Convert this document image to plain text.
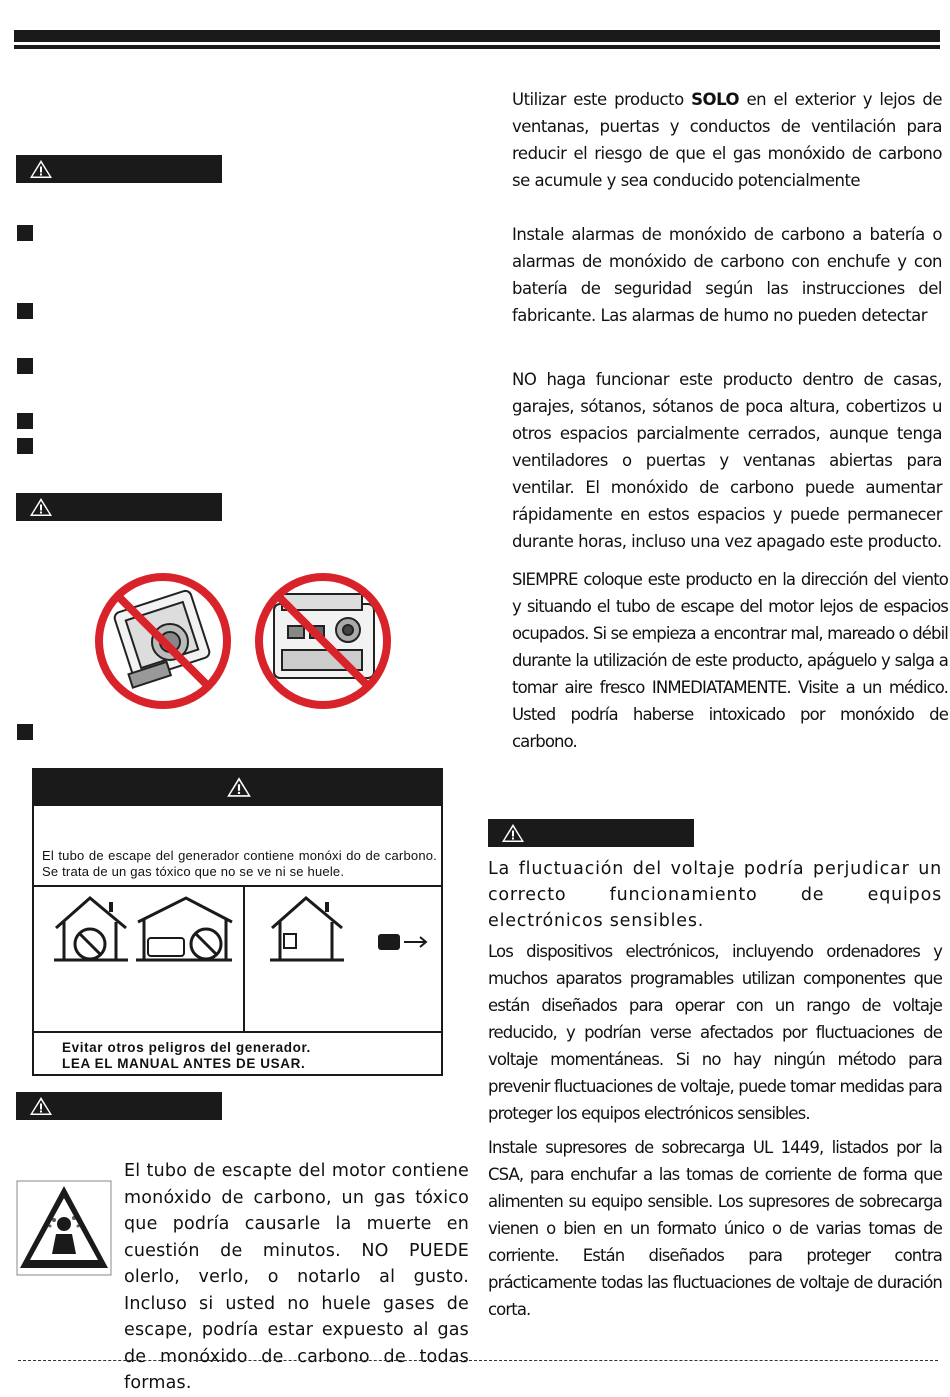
El tubo de escape del generador contiene monóxi do de carbono. Se trata de un gas tóxico que no se ve ni se huele.
Evitar otros peligros del generador.
LEA EL MANUAL ANTES DE USAR.
El tubo de escapte del motor contiene monóxido de carbono, un gas tóxico que podría causarle la muerte en cuestión de minutos. NO PUEDE olerlo, verlo, o notarlo al gusto. Incluso si usted no huele gases de escape, podría estar expuesto al gas de monóxido de carbono de todas formas.
Utilizar este producto SOLO en el exterior y lejos de ventanas, puertas y conductos de ventilación para reducir el riesgo de que el gas monóxido de carbono se acumule y sea conducido potencialmente
Instale alarmas de monóxido de carbono a batería o alarmas de monóxido de carbono con enchufe y con batería de seguridad según las instrucciones del fabricante. Las alarmas de humo no pueden detectar
NO haga funcionar este producto dentro de casas, garajes, sótanos, sótanos de poca altura, cobertizos u otros espacios parcialmente cerrados, aunque tenga ventiladores o puertas y ventanas abiertas para ventilar. El monóxido de carbono puede aumentar rápidamente en estos espacios y puede permanecer durante horas, incluso una vez apagado este producto.
SIEMPRE coloque este producto en la dirección del viento y situando el tubo de escape del motor lejos de espacios ocupados. Si se empieza a encontrar mal, mareado o débil durante la utilización de este producto, apáguelo y salga a tomar aire fresco INMEDIATAMENTE. Visite a un médico. Usted podría haberse intoxicado por monóxido de carbono.
La fluctuación del voltaje podría perjudicar un correcto funcionamiento de equipos electrónicos sensibles.
Los dispositivos electrónicos, incluyendo ordenadores y muchos aparatos programables utilizan componentes que están diseñados para operar con un rango de voltaje reducido, y podrían verse afectados por fluctuaciones de voltaje momentáneas. Si no hay ningún método para prevenir fluctuaciones de voltaje, puede tomar medidas para proteger los equipos electrónicos sensibles.
Instale supresores de sobrecarga UL 1449, listados por la CSA, para enchufar a las tomas de corriente de forma que alimenten su equipo sensible. Los supresores de sobrecarga vienen o bien en un formato único o de varias tomas de corriente. Están diseñados para proteger contra prácticamente todas las fluctuaciones de voltaje de duración corta.
